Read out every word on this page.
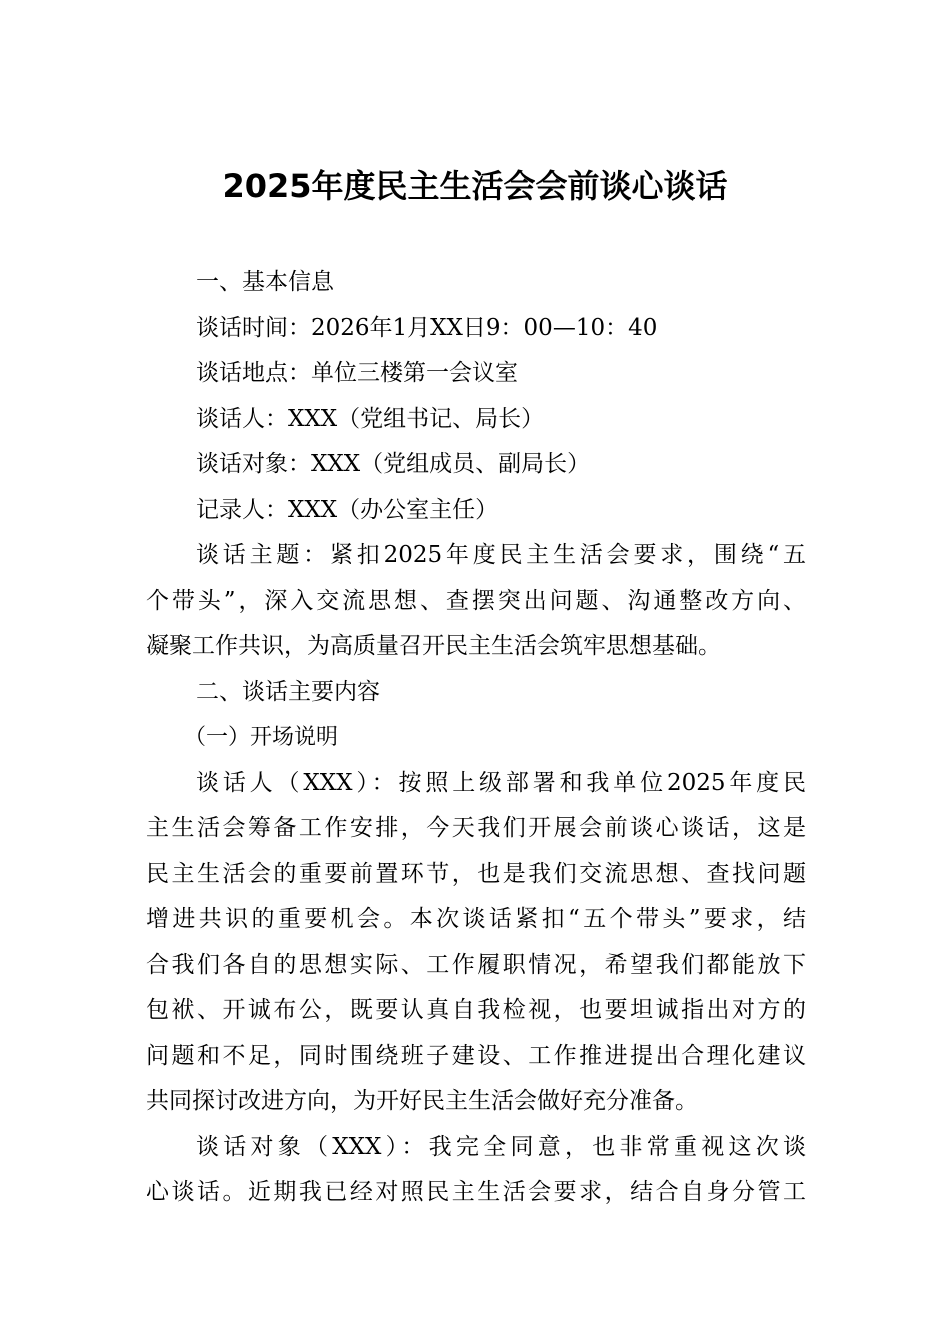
2025年度民主生活会会前谈心谈话

一、基本信息

谈话时间：2026年1月XX日9：00—10：40

谈话地点：单位三楼第一会议室

谈话人：XXX（党组书记、局长）

谈话对象：XXX（党组成员、副局长）

记录人：XXX（办公室主任）

谈话主题：紧扣2025年度民主生活会要求，围绕“五

个带头”，深入交流思想、查摆突出问题、沟通整改方向、

凝聚工作共识，为高质量召开民主生活会筑牢思想基础。

二、谈话主要内容

（一）开场说明

谈话人（XXX）：按照上级部署和我单位2025年度民

主生活会筹备工作安排，今天我们开展会前谈心谈话，这是

民主生活会的重要前置环节，也是我们交流思想、查找问题

增进共识的重要机会。本次谈话紧扣“五个带头”要求，结

合我们各自的思想实际、工作履职情况，希望我们都能放下

包袱、开诚布公，既要认真自我检视，也要坦诚指出对方的

问题和不足，同时围绕班子建设、工作推进提出合理化建议

共同探讨改进方向，为开好民主生活会做好充分准备。

谈话对象（XXX）：我完全同意，也非常重视这次谈

心谈话。近期我已经对照民主生活会要求，结合自身分管工
